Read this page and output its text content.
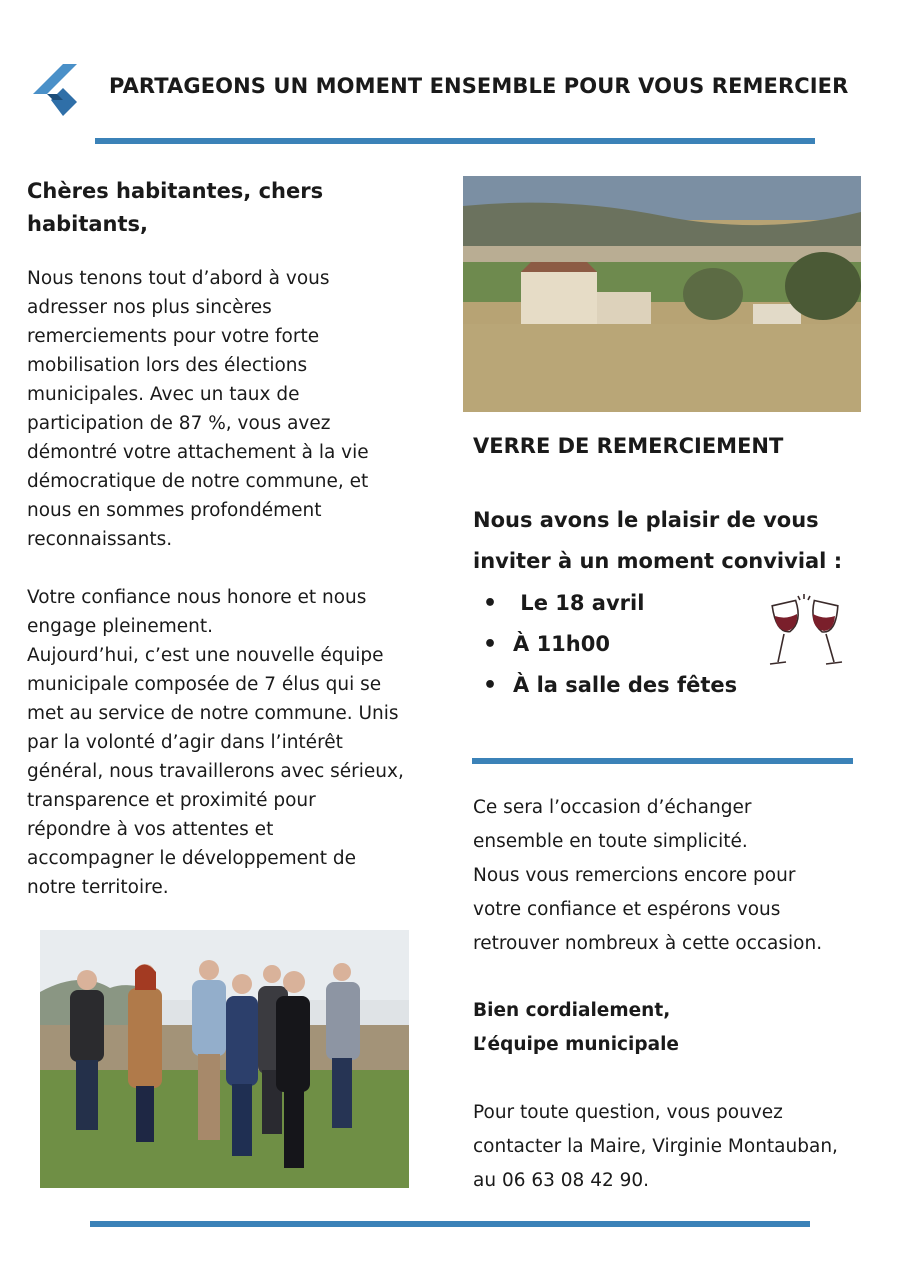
PARTAGEONS UN MOMENT ENSEMBLE POUR VOUS REMERCIER
Chères habitantes, chers
habitants,
Nous tenons tout d’abord à vous
adresser nos plus sincères
remerciements pour votre forte
mobilisation lors des élections
municipales. Avec un taux de
participation de 87 %, vous avez
démontré votre attachement à la vie
démocratique de notre commune, et
nous en sommes profondément
reconnaissants.
Votre confiance nous honore et nous
engage pleinement.
Aujourd’hui, c’est une nouvelle équipe
municipale composée de 7 élus qui se
met au service de notre commune. Unis
par la volonté d’agir dans l’intérêt
général, nous travaillerons avec sérieux,
transparence et proximité pour
répondre à vos attentes et
accompagner le développement de
notre territoire.
VERRE DE REMERCIEMENT
Nous avons le plaisir de vous
inviter à un moment convivial :
• Le 18 avril
• À 11h00
• À la salle des fêtes
Ce sera l’occasion d’échanger
ensemble en toute simplicité.
Nous vous remercions encore pour
votre confiance et espérons vous
retrouver nombreux à cette occasion.
Bien cordialement,
L’équipe municipale
Pour toute question, vous pouvez
contacter la Maire, Virginie Montauban,
au 06 63 08 42 90.
